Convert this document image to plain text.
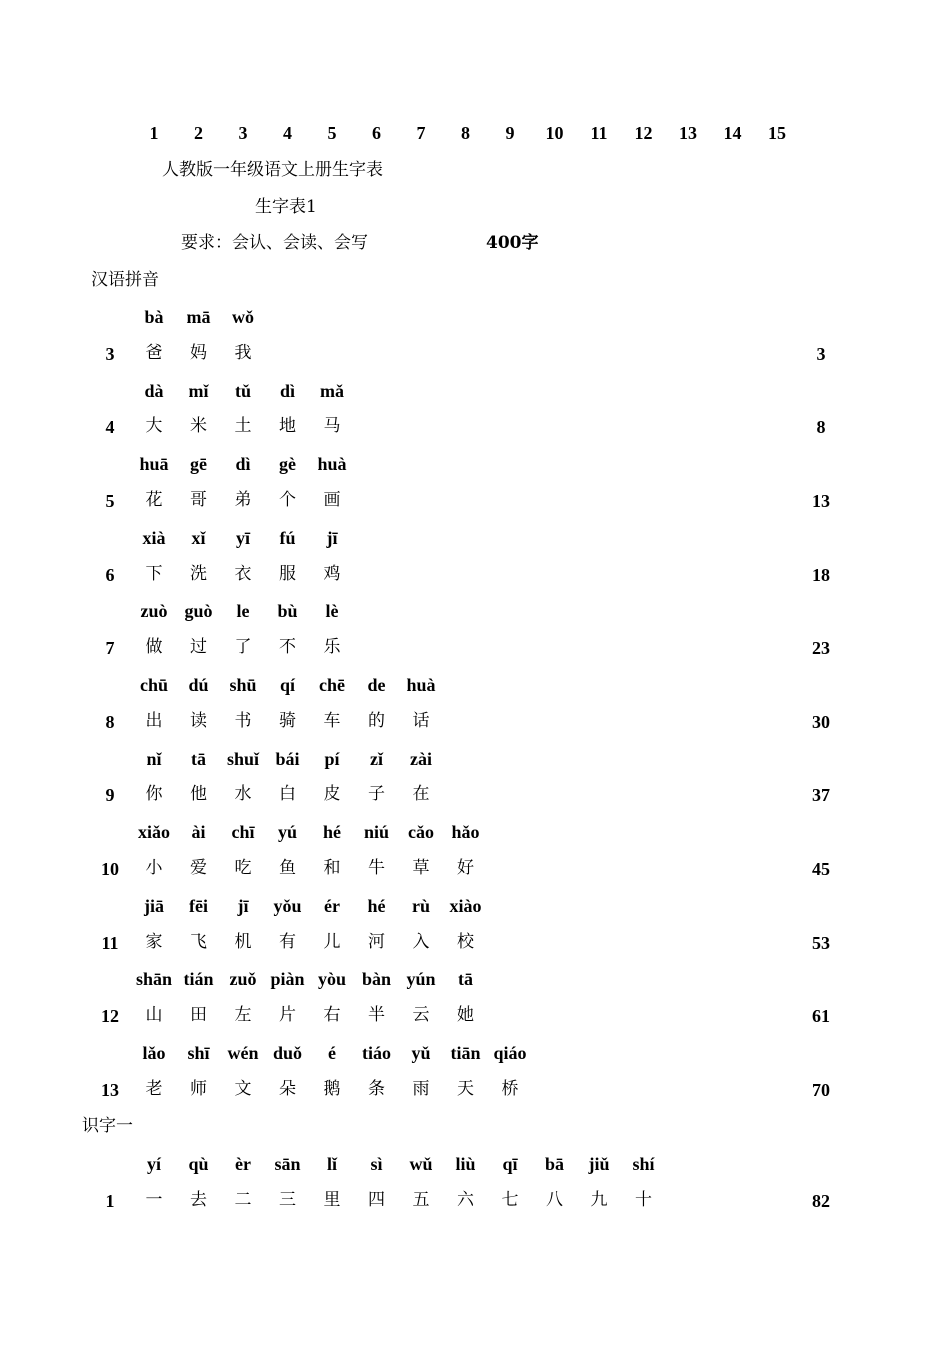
1 2 3 4 5 6 7 8 9 10 11 12 13 14 15
人教版一年级语文上册生字表
生字表1
要求：会认、会读、会写	400字
汉语拼音
bà mā wǒ
3 爸 妈 我	3
dà mǐ tǔ dì mǎ
4 大 米 土 地 马	8
huā gē dì gè huà
5 花 哥 弟 个 画	13
xià xǐ yī fú jī
6 下 洗 衣 服 鸡	18
zuò guò le bù lè
7 做 过 了 不 乐	23
chū dú shū qí chē de huà
8 出 读 书 骑 车 的 话	30
nǐ tā shuǐ bái pí zǐ zài
9 你 他 水 白 皮 子 在	37
xiǎo ài chī yú hé niú cǎo hǎo
10 小 爱 吃 鱼 和 牛 草 好	45
jiā fēi jī yǒu ér hé rù xiào
11 家 飞 机 有 儿 河 入 校	53
shān tián zuǒ piàn yòu bàn yún tā
12 山 田 左 片 右 半 云 她	61
lǎo shī wén duǒ é tiáo yǔ tiān qiáo
13 老 师 文 朵 鹅 条 雨 天 桥	70
识字一
yí qù èr sān lǐ sì wǔ liù qī bā jiǔ shí
1 一 去 二 三 里 四 五 六 七 八 九 十	82
